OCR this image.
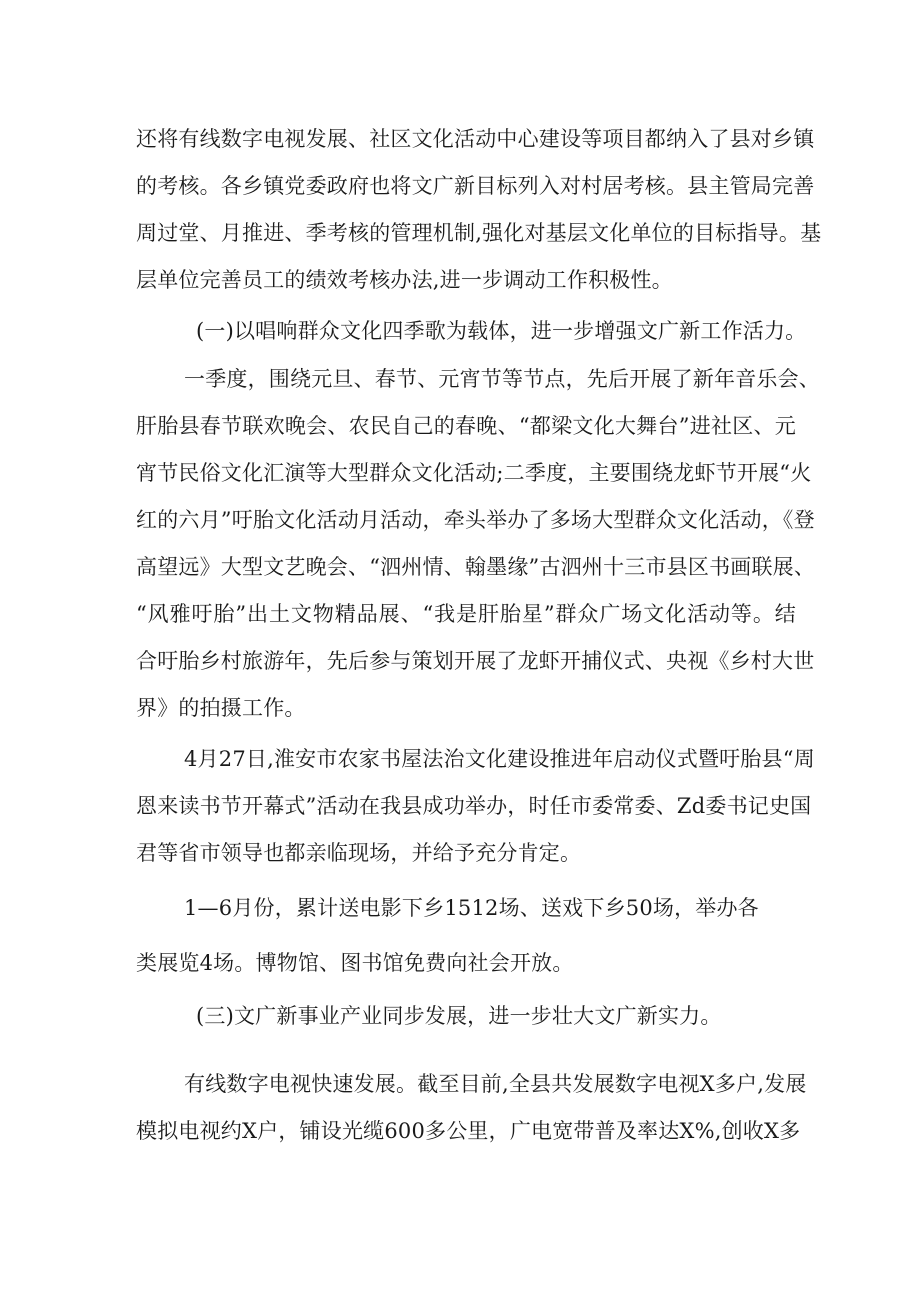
还将有线数字电视发展、社区文化活动中心建设等项目都纳入了县对乡镇
的考核。各乡镇党委政府也将文广新目标列入对村居考核。县主管局完善
周过堂、月推进、季考核的管理机制,强化对基层文化单位的目标指导。基
层单位完善员工的绩效考核办法,进一步调动工作积极性。
(一)以唱响群众文化四季歌为载体，进一步增强文广新工作活力。
一季度，围绕元旦、春节、元宵节等节点，先后开展了新年音乐会、
肝胎县春节联欢晚会、农民自己的春晚、“都梁文化大舞台”进社区、元
宵节民俗文化汇演等大型群众文化活动;二季度，主要围绕龙虾节开展“火
红的六月”吁胎文化活动月活动，牵头举办了多场大型群众文化活动，《登
高望远》大型文艺晚会、“泗州情、翰墨缘”古泗州十三市县区书画联展、
“风雅吁胎”出土文物精品展、“我是肝胎星”群众广场文化活动等。结
合吁胎乡村旅游年，先后参与策划开展了龙虾开捕仪式、央视《乡村大世
界》的拍摄工作。
4月27日,淮安市农家书屋法治文化建设推进年启动仪式暨吁胎县“周
恩来读书节开幕式”活动在我县成功举办，时任市委常委、Zd委书记史国
君等省市领导也都亲临现场，并给予充分肯定。
1—6月份，累计送电影下乡1512场、送戏下乡50场，举办各
类展览4场。博物馆、图书馆免费向社会开放。
(三)文广新事业产业同步发展，进一步壮大文广新实力。
有线数字电视快速发展。截至目前,全县共发展数字电视X多户,发展
模拟电视约X户，铺设光缆600多公里，广电宽带普及率达X%,创收X多
